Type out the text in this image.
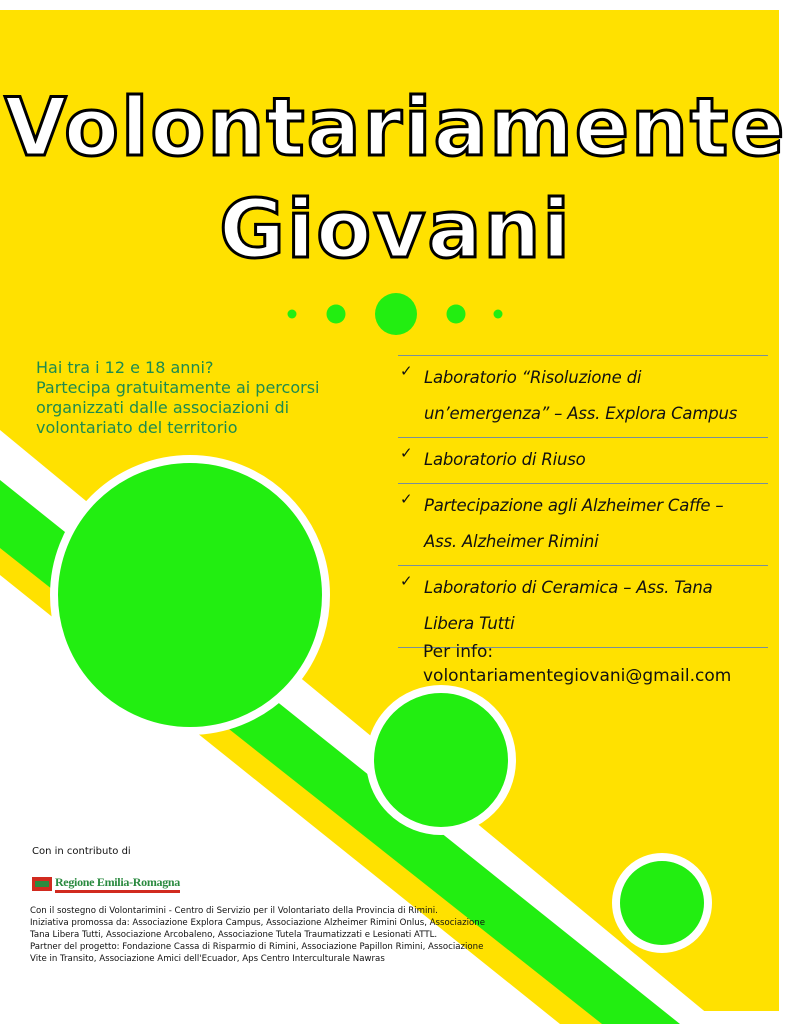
Volontariamente
Giovani
Hai tra i 12 e 18 anni?
Partecipa gratuitamente ai percorsi
organizzati dalle associazioni di
volontariato del territorio
✓ Laboratorio “Risoluzione di
un’emergenza” – Ass. Explora Campus
✓ Laboratorio di Riuso
✓ Partecipazione agli Alzheimer Caffe –
Ass. Alzheimer Rimini
✓ Laboratorio di Ceramica – Ass. Tana
Libera Tutti
Per info:
volontariamentegiovani@gmail.com
Con in contributo di
Regione Emilia-Romagna

Con il sostegno di Volontarimini - Centro di Servizio per il Volontariato della Provincia di Rimini.

Iniziativa promossa da: Associazione Explora Campus, Associazione Alzheimer Rimini Onlus, Associazione Tana Libera Tutti, Associazione Arcobaleno, Associazione Tutela Traumatizzati e Lesionati ATTL.

Partner del progetto: Fondazione Cassa di Risparmio di Rimini, Associazione Papillon Rimini, Associazione Vite in Transito, Associazione Amici dell'Ecuador, Aps Centro Interculturale Nawras
